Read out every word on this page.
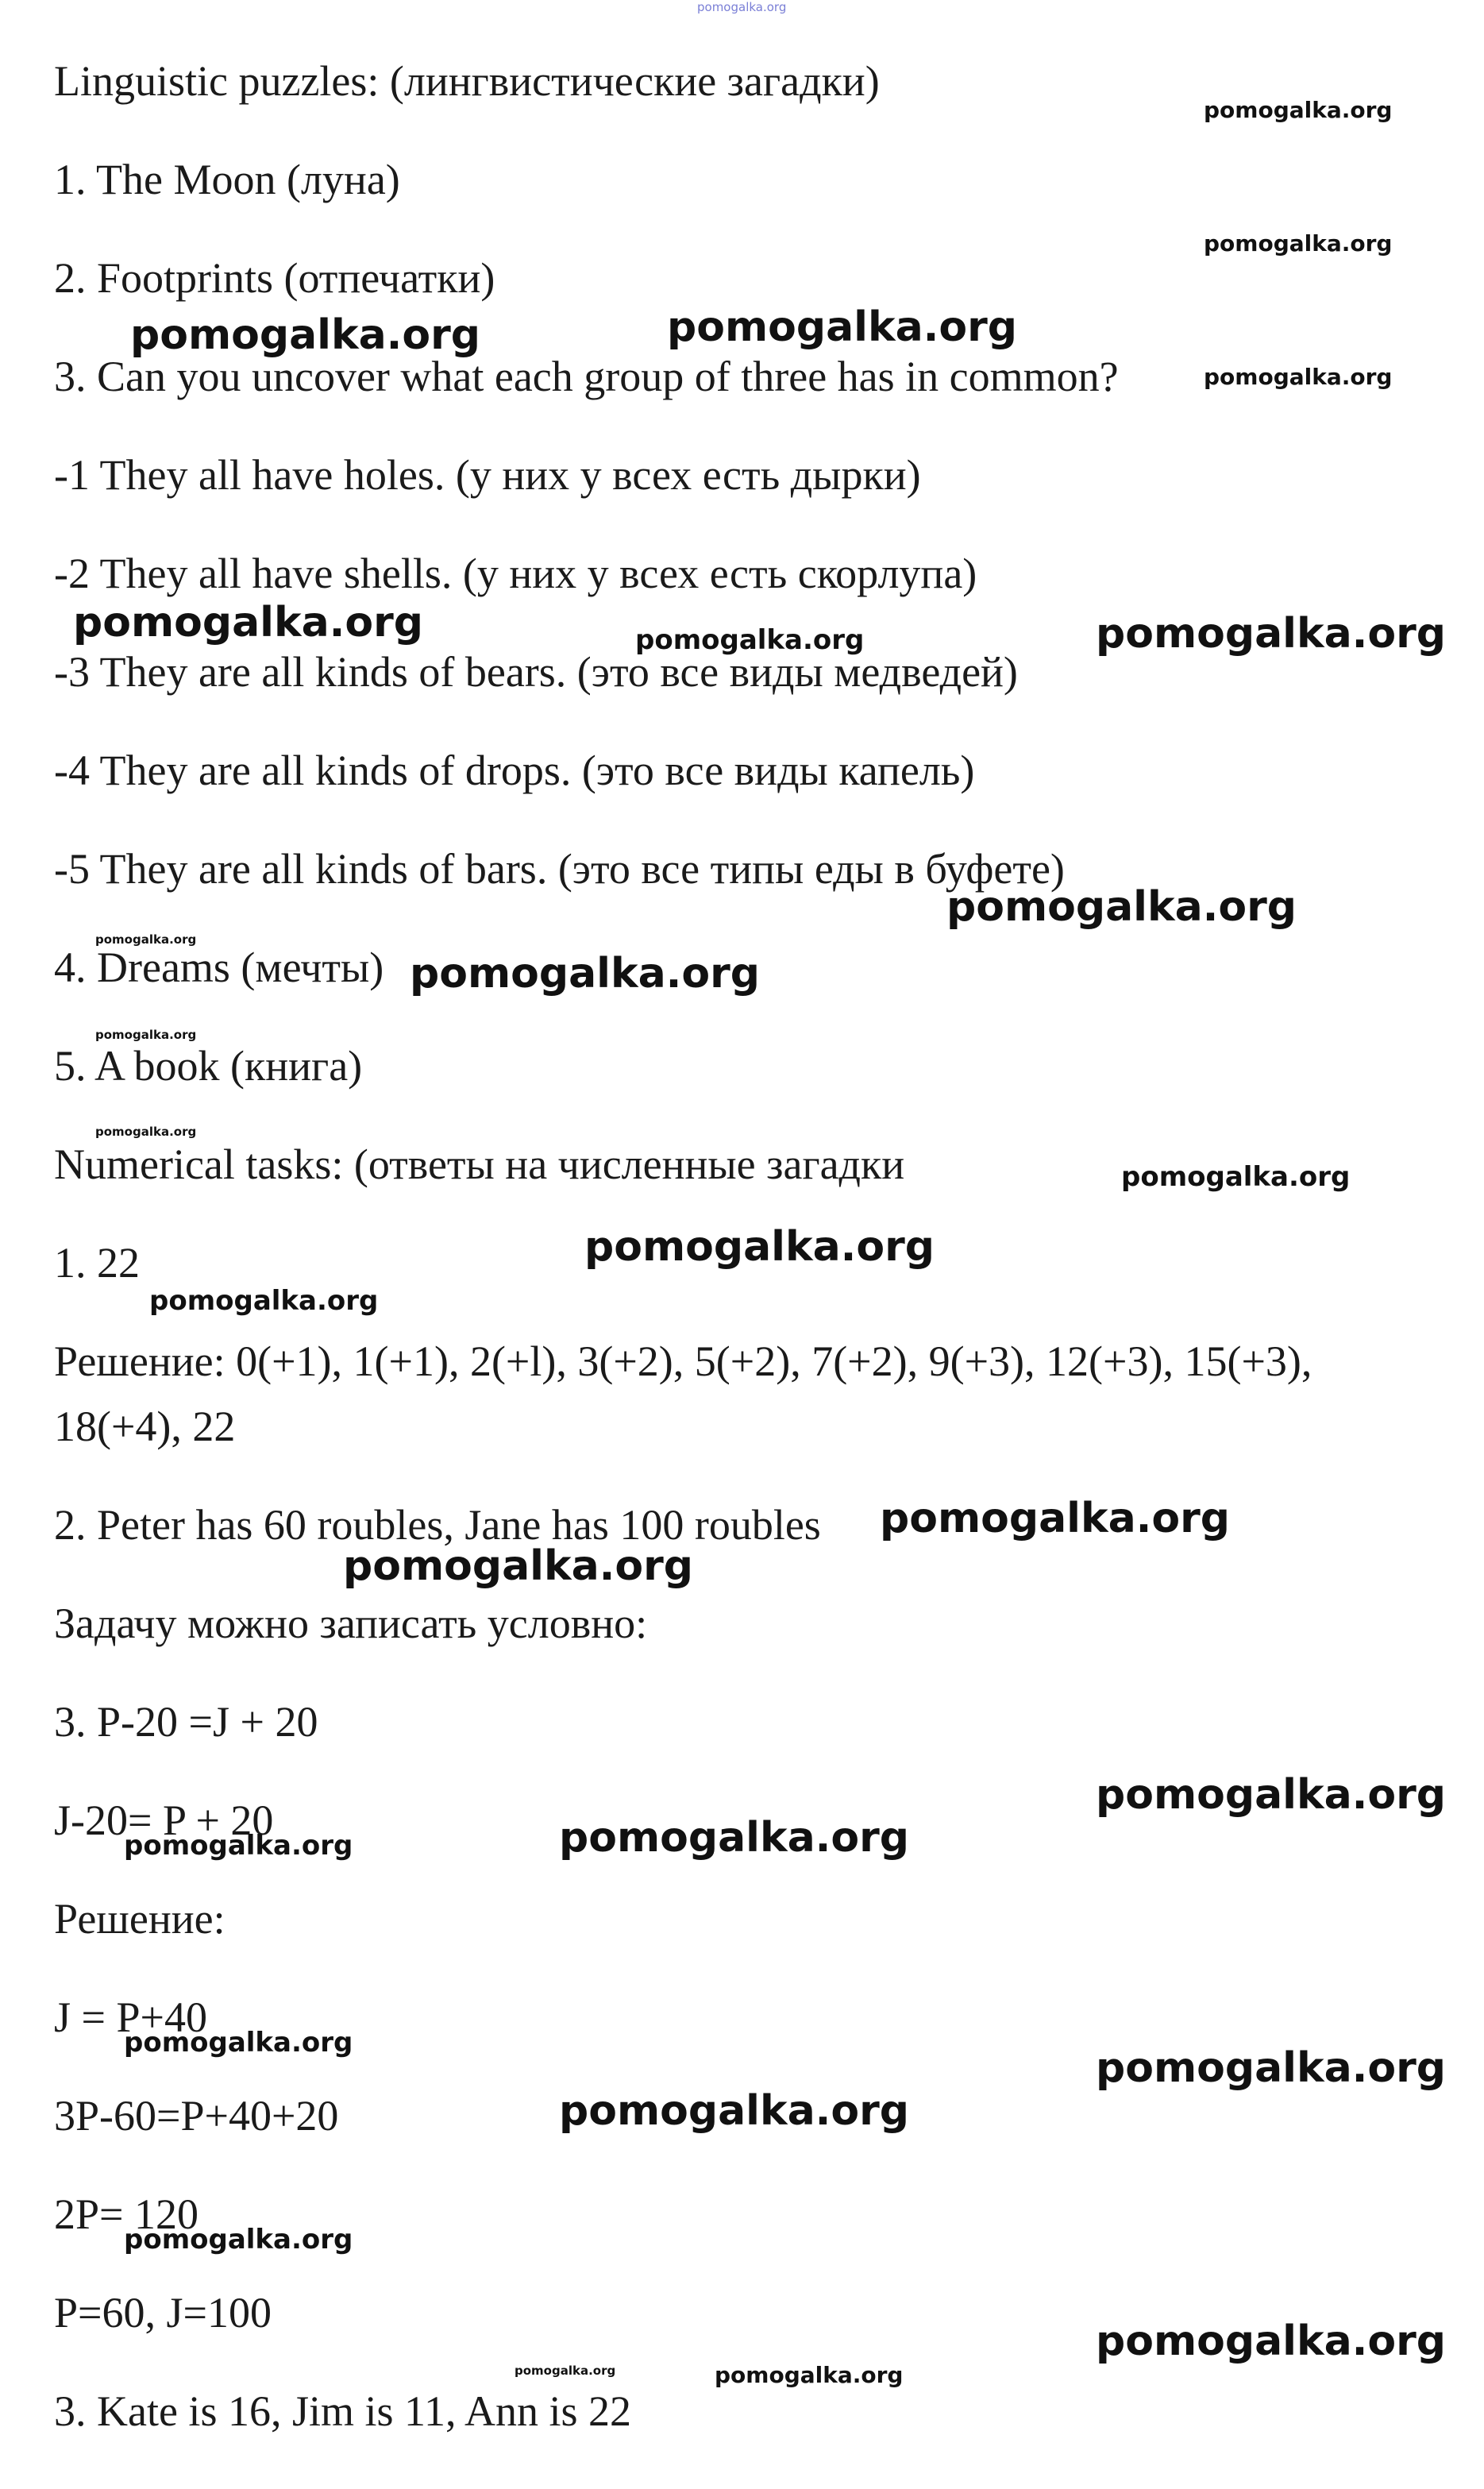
pomogalka.org
Linguistic puzzles: (лингвистические загадки)
1. The Moon (луна)
2. Footprints (отпечатки)
3. Can you uncover what each group of three has in common?
-1 They all have holes. (у них у всех есть дырки)
-2 They all have shells. (у них у всех есть скорлупа)
-3 They are all kinds of bears. (это все виды медведей)
-4 They are all kinds of drops. (это все виды капель)
-5 They are all kinds of bars. (это все типы еды в буфете)
4. Dreams (мечты)
5. A book (книга)
Numerical tasks: (ответы на численные загадки
1. 22
Решение: 0(+1), 1(+1), 2(+l), 3(+2), 5(+2), 7(+2), 9(+3), 12(+3), 15(+3),
18(+4), 22
2. Peter has 60 roubles, Jane has 100 roubles
Задачу можно записать условно:
3. P-20 =J + 20
J-20= P + 20
Решение:
J = P+40
3P-60=P+40+20
2P= 120
P=60, J=100
3. Kate is 16, Jim is 11, Ann is 22
pomogalka.org
pomogalka.org
pomogalka.org	pomogalka.org
pomogalka.org
pomogalka.org	pomogalka.org	pomogalka.org
pomogalka.org
pomogalka.org
pomogalka.org
pomogalka.org
pomogalka.org
pomogalka.org
pomogalka.org
pomogalka.org
pomogalka.org
pomogalka.org
pomogalka.org
pomogalka.org	pomogalka.org
pomogalka.org
pomogalka.org
pomogalka.org
pomogalka.org
pomogalka.org
pomogalka.org	pomogalka.org
